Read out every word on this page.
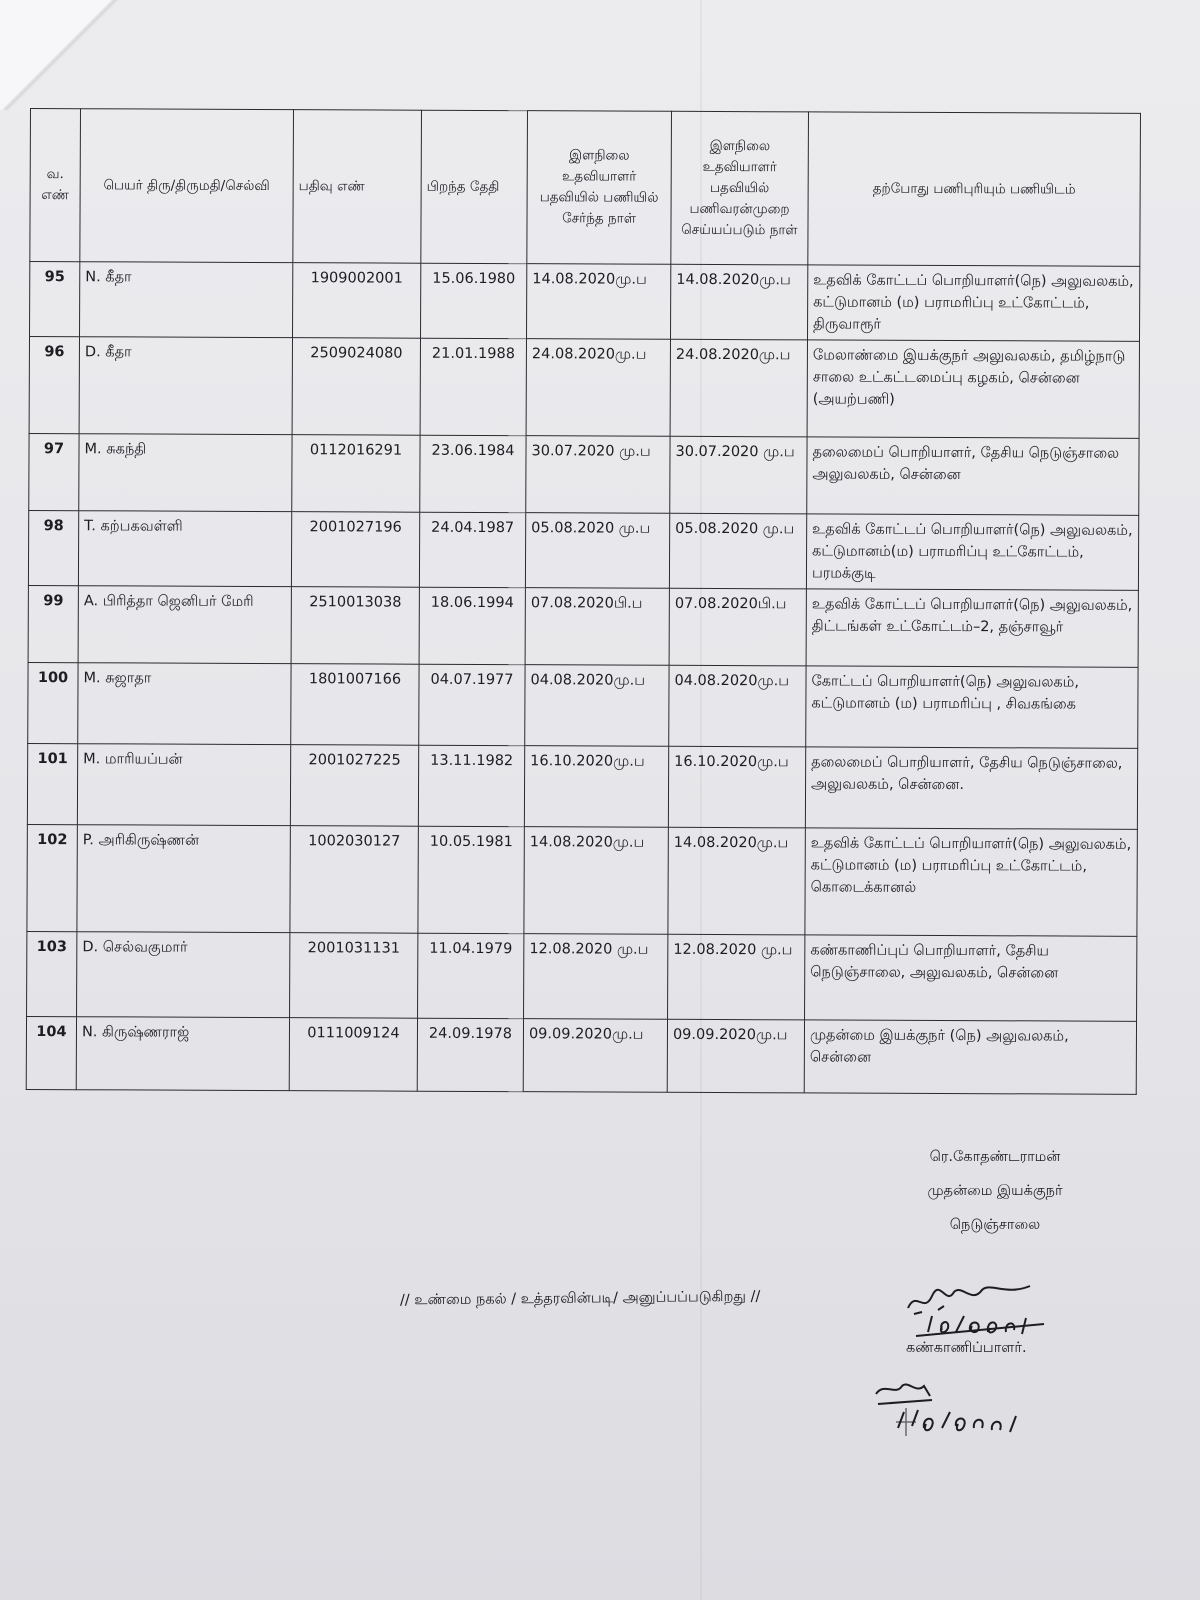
வ. எண்	பெயர் திரு/திருமதி/செல்வி	பதிவு எண்	பிறந்த தேதி	இளநிலை உதவியாளர் பதவியில் பணியில் சேர்ந்த நாள்	இளநிலை உதவியாளர் பதவியில் பணிவரன்முறை செய்யப்படும் நாள்	தற்போது பணிபுரியும் பணியிடம்
95	N. கீதா	1909002001	15.06.1980	14.08.2020மு.ப	14.08.2020மு.ப	உதவிக் கோட்டப் பொறியாளர்(நெ) அலுவலகம், கட்டுமானம் (ம) பராமரிப்பு உட்கோட்டம், திருவாரூர்
96	D. கீதா	2509024080	21.01.1988	24.08.2020மு.ப	24.08.2020மு.ப	மேலாண்மை இயக்குநர் அலுவலகம், தமிழ்நாடு சாலை உட்கட்டமைப்பு கழகம், சென்னை (அயற்பணி)
97	M. சுகந்தி	0112016291	23.06.1984	30.07.2020 மு.ப	30.07.2020 மு.ப	தலைமைப் பொறியாளர், தேசிய நெடுஞ்சாலை அலுவலகம், சென்னை
98	T. கற்பகவள்ளி	2001027196	24.04.1987	05.08.2020 மு.ப	05.08.2020 மு.ப	உதவிக் கோட்டப் பொறியாளர்(நெ) அலுவலகம், கட்டுமானம்(ம) பராமரிப்பு உட்கோட்டம், பரமக்குடி
99	A. பிரித்தா ஜெனிபர் மேரி	2510013038	18.06.1994	07.08.2020பி.ப	07.08.2020பி.ப	உதவிக் கோட்டப் பொறியாளர்(நெ) அலுவலகம், திட்டங்கள் உட்கோட்டம்–2, தஞ்சாவூர்
100	M. சுஜாதா	1801007166	04.07.1977	04.08.2020மு.ப	04.08.2020மு.ப	கோட்டப் பொறியாளர்(நெ) அலுவலகம், கட்டுமானம் (ம) பராமரிப்பு , சிவகங்கை
101	M. மாரியப்பன்	2001027225	13.11.1982	16.10.2020மு.ப	16.10.2020மு.ப	தலைமைப் பொறியாளர், தேசிய நெடுஞ்சாலை, அலுவலகம், சென்னை.
102	P. அரிகிருஷ்ணன்	1002030127	10.05.1981	14.08.2020மு.ப	14.08.2020மு.ப	உதவிக் கோட்டப் பொறியாளர்(நெ) அலுவலகம், கட்டுமானம் (ம) பராமரிப்பு உட்கோட்டம், கொடைக்கானல்
103	D. செல்வகுமார்	2001031131	11.04.1979	12.08.2020 மு.ப	12.08.2020 மு.ப	கண்காணிப்புப் பொறியாளர், தேசிய நெடுஞ்சாலை, அலுவலகம், சென்னை
104	N. கிருஷ்ணராஜ்	0111009124	24.09.1978	09.09.2020மு.ப	09.09.2020மு.ப	முதன்மை இயக்குநர் (நெ) அலுவலகம், சென்னை
ரெ.கோதண்டராமன்
முதன்மை இயக்குநர்
நெடுஞ்சாலை
// உண்மை நகல் / உத்தரவின்படி/ அனுப்பப்படுகிறது //
கண்காணிப்பாளர்.
